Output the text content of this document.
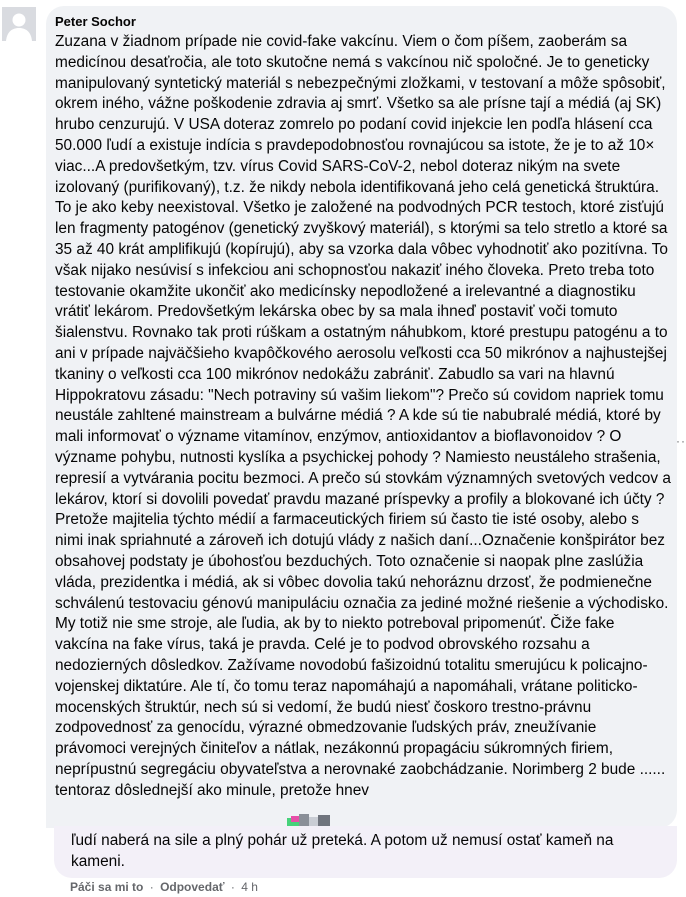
Peter Sochor

Zuzana v žiadnom prípade nie covid-fake vakcínu. Viem o čom píšem, zaoberám sa medicínou desaťročia, ale toto skutočne nemá s vakcínou nič spoločné. Je to geneticky manipulovaný syntetický materiál s nebezpečnými zložkami, v testovaní a môže spôsobiť, okrem iného, vážne poškodenie zdravia aj smrť. Všetko sa ale prísne tají a médiá (aj SK) hrubo cenzurujú. V USA doteraz zomrelo po podaní covid injekcie len podľa hlásení cca 50.000 ľudí a existuje indícia s pravdepodobnosťou rovnajúcou sa istote, že je to až 10× viac...A predovšetkým, tzv. vírus Covid SARS-CoV-2, nebol doteraz nikým na svete izolovaný (purifikovaný), t.z. že nikdy nebola identifikovaná jeho celá genetická štruktúra. To je ako keby neexistoval. Všetko je založené na podvodných PCR testoch, ktoré zisťujú len fragmenty patogénov (genetický zvyškový materiál), s ktorými sa telo stretlo a ktoré sa 35 až 40 krát amplifikujú (kopírujú), aby sa vzorka dala vôbec vyhodnotiť ako pozitívna. To však nijako nesúvisí s infekciou ani schopnosťou nakaziť iného človeka. Preto treba toto testovanie okamžite ukončiť ako medicínsky nepodložené a irelevantné a diagnostiku vrátiť lekárom. Predovšetkým lekárska obec by sa mala ihneď postaviť voči tomuto šialenstvu. Rovnako tak proti rúškam a ostatným náhubkom, ktoré prestupu patogénu a to ani v prípade najväčšieho kvapôčkového aerosolu veľkosti cca 50 mikrónov a najhustejšej tkaniny o veľkosti cca 100 mikrónov nedokážu zabrániť. Zabudlo sa vari na hlavnú Hippokratovu zásadu: "Nech potraviny sú vašim liekom"? Prečo sú covidom napriek tomu neustále zahltené mainstream a bulvárne médiá ? A kde sú tie nabubralé médiá, ktoré by mali informovať o význame vitamínov, enzýmov, antioxidantov a bioflavonoidov ? O význame pohybu, nutnosti kyslíka a psychickej pohody ? Namiesto neustáleho strašenia, represií a vytvárania pocitu bezmoci. A prečo sú stovkám významných svetových vedcov a lekárov, ktorí si dovolili povedať pravdu mazané príspevky a profily a blokované ich účty ? Pretože majitelia týchto médií a farmaceutických firiem sú často tie isté osoby, alebo s nimi inak spriahnuté a zároveň ich dotujú vlády z našich daní...Označenie konšpirátor bez obsahovej podstaty je úbohosťou bezduchých. Toto označenie si naopak plne zaslúžia vláda, prezidentka i médiá, ak si vôbec dovolia takú nehoráznu drzosť, že podmienečne schválenú testovaciu génovú manipuláciu označia za jediné možné riešenie a východisko. My totiž nie sme stroje, ale ľudia, ak by to niekto potreboval pripomenúť. Čiže fake vakcína na fake vírus, taká je pravda. Celé je to podvod obrovského rozsahu a nedozierných dôsledkov. Zažívame novodobú fašizoidnú totalitu smerujúcu k policajno-vojenskej diktatúre. Ale tí, čo tomu teraz napomáhajú a napomáhali, vrátane politicko-mocenských štruktúr, nech sú si vedomí, že budú niesť čoskoro trestno-právnu zodpovednosť za genocídu, výrazné obmedzovanie ľudských práv, zneužívanie právomoci verejných činiteľov a nátlak, nezákonnú propagáciu súkromných firiem, neprípustnú segregáciu obyvateľstva a nerovnaké zaobchádzanie. Norimberg 2 bude ...... tentoraz dôslednejší ako minule, pretože hnev

ľudí naberá na sile a plný pohár už preteká. A potom už nemusí ostať kameň na kameni.

··
Páči sa mi to · Odpovedať · 4 h
